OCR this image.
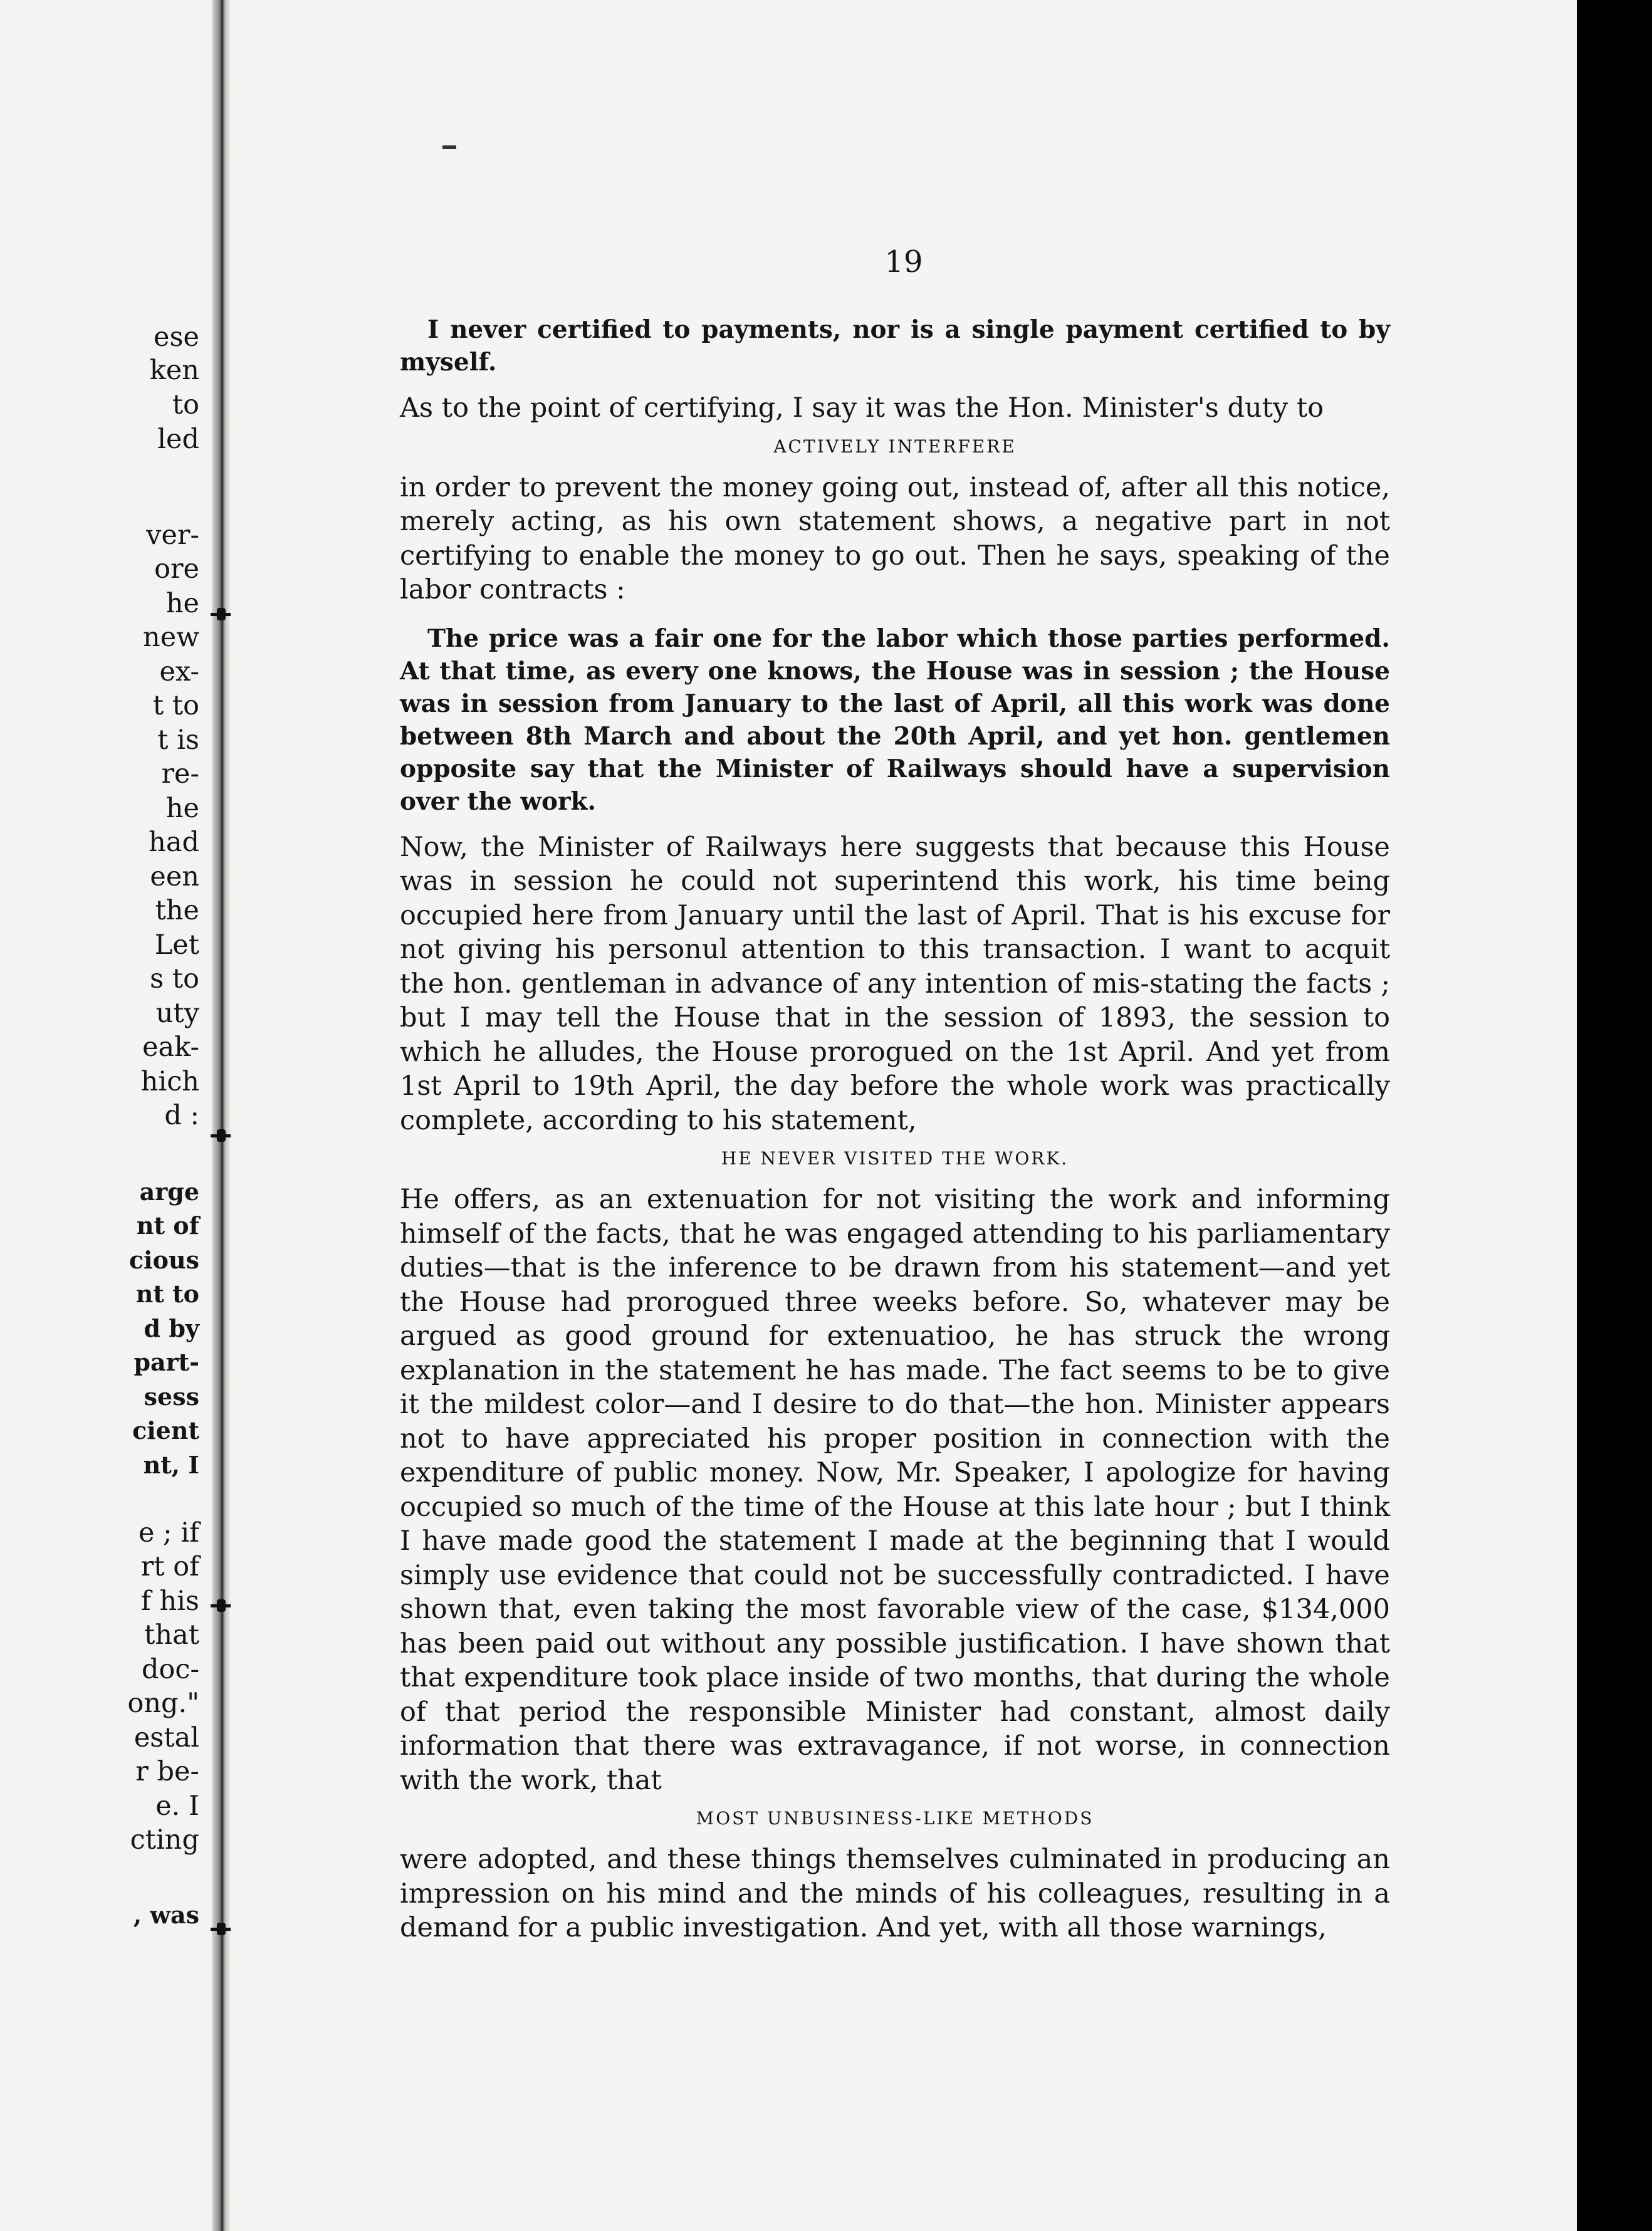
ese
ken
to
led
ver-
ore
he
new
ex-
t to
t is
re-
he
had
een
the
Let
s to
uty
eak-
hich
d :
arge
nt of
cious
nt to
d by
part-
sess
cient
nt, I
e ; if
rt of
f his
that
doc-
ong."
estal
r be-
e. I
cting
, was
19

I never certified to payments, nor is a single payment certified to by myself.

As to the point of certifying, I say it was the Hon. Minister's duty to

ACTIVELY INTERFERE

in order to prevent the money going out, instead of, after all this notice, merely acting, as his own statement shows, a negative part in not certifying to enable the money to go out. Then he says, speaking of the labor contracts :

The price was a fair one for the labor which those parties performed. At that time, as every one knows, the House was in session ; the House was in session from January to the last of April, all this work was done between 8th March and about the 20th April, and yet hon. gentlemen opposite say that the Minister of Railways should have a supervision over the work.

Now, the Minister of Railways here suggests that because this House was in session he could not superintend this work, his time being occupied here from January until the last of April. That is his excuse for not giving his personul attention to this transaction. I want to acquit the hon. gentleman in advance of any intention of mis-stating the facts ; but I may tell the House that in the session of 1893, the session to which he alludes, the House prorogued on the 1st April. And yet from 1st April to 19th April, the day before the whole work was practically complete, according to his statement,

HE NEVER VISITED THE WORK.

He offers, as an extenuation for not visiting the work and informing himself of the facts, that he was engaged attending to his parliamentary duties—that is the inference to be drawn from his statement—and yet the House had prorogued three weeks before. So, whatever may be argued as good ground for extenuatioo, he has struck the wrong explanation in the statement he has made. The fact seems to be to give it the mildest color—and I desire to do that—the hon. Minister appears not to have appreciated his proper position in connection with the expenditure of public money. Now, Mr. Speaker, I apologize for having occupied so much of the time of the House at this late hour ; but I think I have made good the statement I made at the beginning that I would simply use evidence that could not be successfully contradicted. I have shown that, even taking the most favorable view of the case, $134,000 has been paid out without any possible justification. I have shown that that expenditure took place inside of two months, that during the whole of that period the responsible Minister had constant, almost daily information that there was extravagance, if not worse, in connection with the work, that

MOST UNBUSINESS-LIKE METHODS

were adopted, and these things themselves culminated in producing an impression on his mind and the minds of his colleagues, resulting in a demand for a public investigation. And yet, with all those warnings,
